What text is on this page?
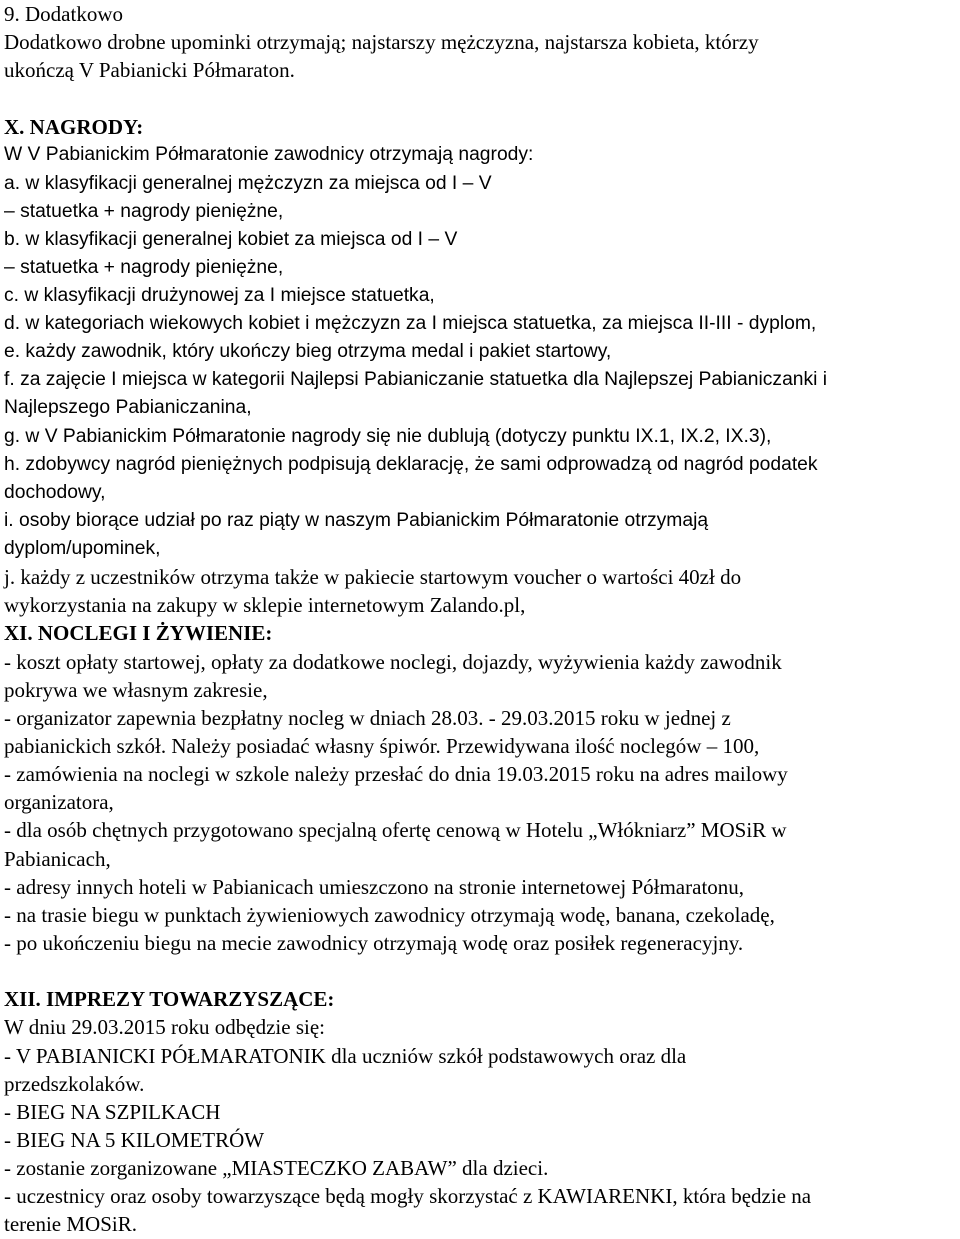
9. Dodatkowo
Dodatkowo drobne upominki otrzymają; najstarszy mężczyzna, najstarsza kobieta, którzy
ukończą V Pabianicki Półmaraton.
X. NAGRODY:
W V Pabianickim Półmaratonie zawodnicy otrzymają nagrody:
a. w klasyfikacji generalnej mężczyzn za miejsca od I – V
– statuetka + nagrody pieniężne,
b. w klasyfikacji generalnej kobiet za miejsca od I – V
– statuetka + nagrody pieniężne,
c. w klasyfikacji drużynowej za I miejsce statuetka,
d. w kategoriach wiekowych kobiet i mężczyzn za I miejsca statuetka, za miejsca II-III - dyplom,
e. każdy zawodnik, który ukończy bieg otrzyma medal i pakiet startowy,
f. za zajęcie I miejsca w kategorii Najlepsi Pabianiczanie statuetka dla Najlepszej Pabianiczanki i
Najlepszego Pabianiczanina,
g. w V Pabianickim Półmaratonie nagrody się nie dublują (dotyczy punktu IX.1, IX.2, IX.3),
h. zdobywcy nagród pieniężnych podpisują deklarację, że sami odprowadzą od nagród podatek
dochodowy,
i. osoby biorące udział po raz piąty w naszym Pabianickim Półmaratonie otrzymają
dyplom/upominek,
j. każdy z uczestników otrzyma także w pakiecie startowym voucher o wartości 40zł do
wykorzystania na zakupy w sklepie internetowym Zalando.pl,
XI. NOCLEGI I ŻYWIENIE:
- koszt opłaty startowej, opłaty za dodatkowe noclegi, dojazdy, wyżywienia każdy zawodnik
pokrywa we własnym zakresie,
- organizator zapewnia bezpłatny nocleg w dniach 28.03. - 29.03.2015 roku w jednej z
pabianickich szkół. Należy posiadać własny śpiwór. Przewidywana ilość noclegów – 100,
- zamówienia na noclegi w szkole należy przesłać do dnia 19.03.2015 roku na adres mailowy
organizatora,
- dla osób chętnych przygotowano specjalną ofertę cenową w Hotelu „Włókniarz” MOSiR w
Pabianicach,
- adresy innych hoteli w Pabianicach umieszczono na stronie internetowej Półmaratonu,
- na trasie biegu w punktach żywieniowych zawodnicy otrzymają wodę, banana, czekoladę,
- po ukończeniu biegu na mecie zawodnicy otrzymają wodę oraz posiłek regeneracyjny.
XII. IMPREZY TOWARZYSZĄCE:
W dniu 29.03.2015 roku odbędzie się:
- V PABIANICKI PÓŁMARATONIK dla uczniów szkół podstawowych oraz dla
przedszkolaków.
- BIEG NA SZPILKACH
- BIEG NA 5 KILOMETRÓW
- zostanie zorganizowane „MIASTECZKO ZABAW” dla dzieci.
- uczestnicy oraz osoby towarzyszące będą mogły skorzystać z KAWIARENKI, która będzie na
terenie MOSiR.
